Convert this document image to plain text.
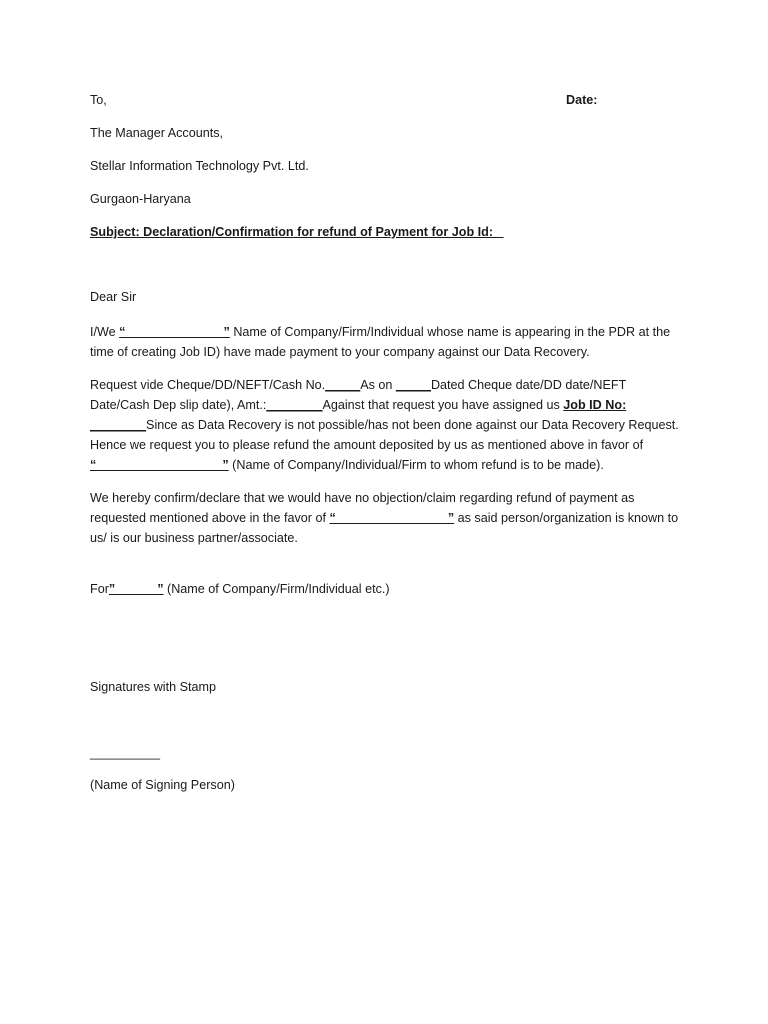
To,	Date:
The Manager Accounts,
Stellar Information Technology Pvt. Ltd.
Gurgaon-Haryana
Subject: Declaration/Confirmation for refund of Payment for Job Id:
Dear Sir
I/We “______________” Name of Company/Firm/Individual whose name is appearing in the PDR at the time of creating Job ID) have made payment to your company against our Data Recovery.
Request vide Cheque/DD/NEFT/Cash No._____As on _____Dated Cheque date/DD date/NEFT Date/Cash Dep slip date), Amt.:________Against that request you have assigned us Job ID No: ________Since as Data Recovery is not possible/has not been done against our Data Recovery Request. Hence we request you to please refund the amount deposited by us as mentioned above in favor of “__________________” (Name of Company/Individual/Firm to whom refund is to be made).
We hereby confirm/declare that we would have no objection/claim regarding refund of payment as requested mentioned above in the favor of “________________” as said person/organization is known to us/ is our business partner/associate.
For”______” (Name of Company/Firm/Individual etc.)
Signatures with Stamp
__________
(Name of Signing Person)
